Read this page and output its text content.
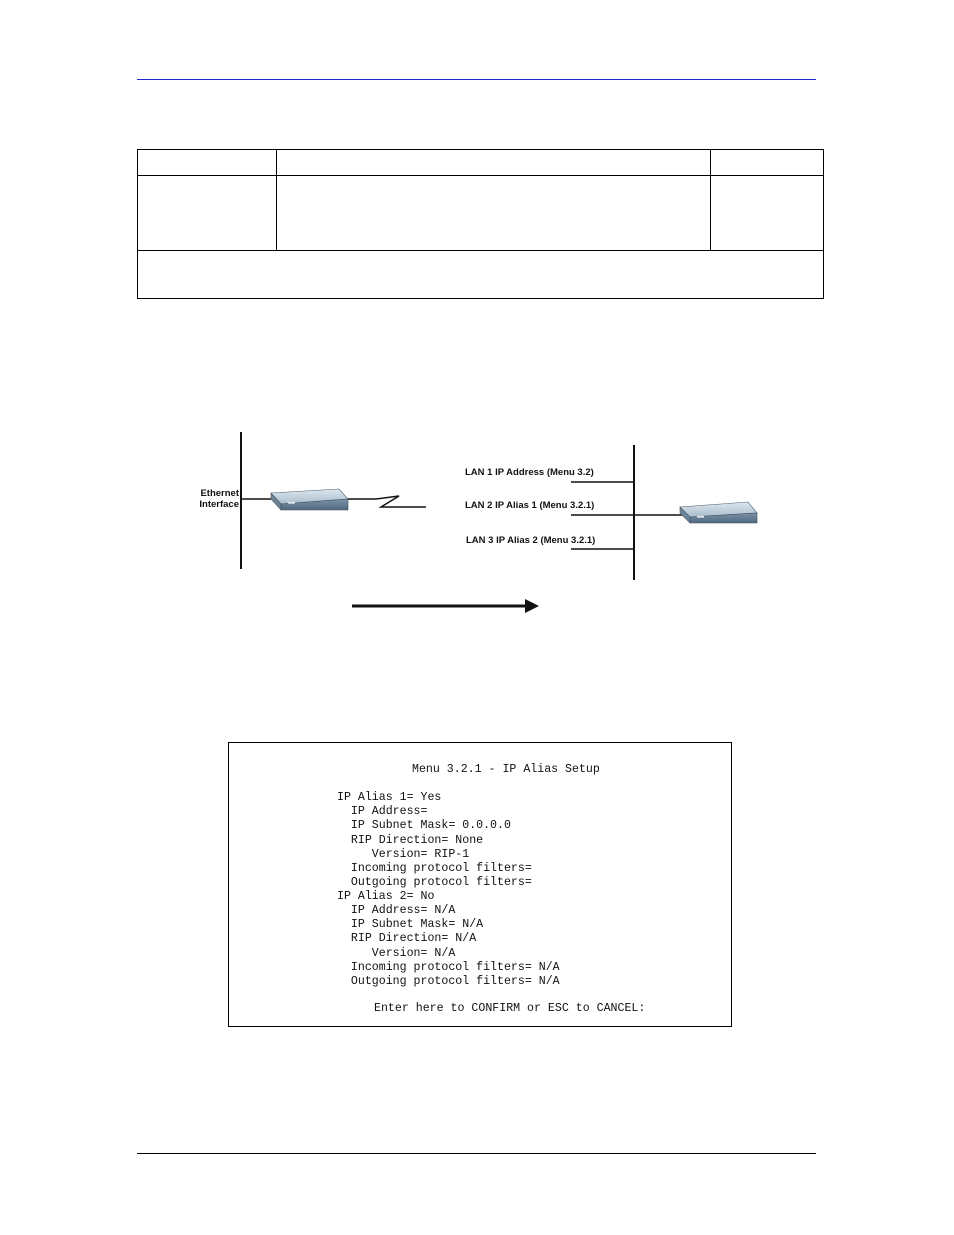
Ethernet
Interface
LAN 1 IP Address (Menu 3.2)
LAN 2 IP Alias 1 (Menu 3.2.1)
LAN 3 IP Alias 2 (Menu 3.2.1)
Menu 3.2.1 - IP Alias Setup
IP Alias 1= Yes
IP Address=
IP Subnet Mask= 0.0.0.0
RIP Direction= None
Version= RIP-1
Incoming protocol filters=
Outgoing protocol filters=
IP Alias 2= No
IP Address= N/A
IP Subnet Mask= N/A
RIP Direction= N/A
Version= N/A
Incoming protocol filters= N/A
Outgoing protocol filters= N/A
Enter here to CONFIRM or ESC to CANCEL:
